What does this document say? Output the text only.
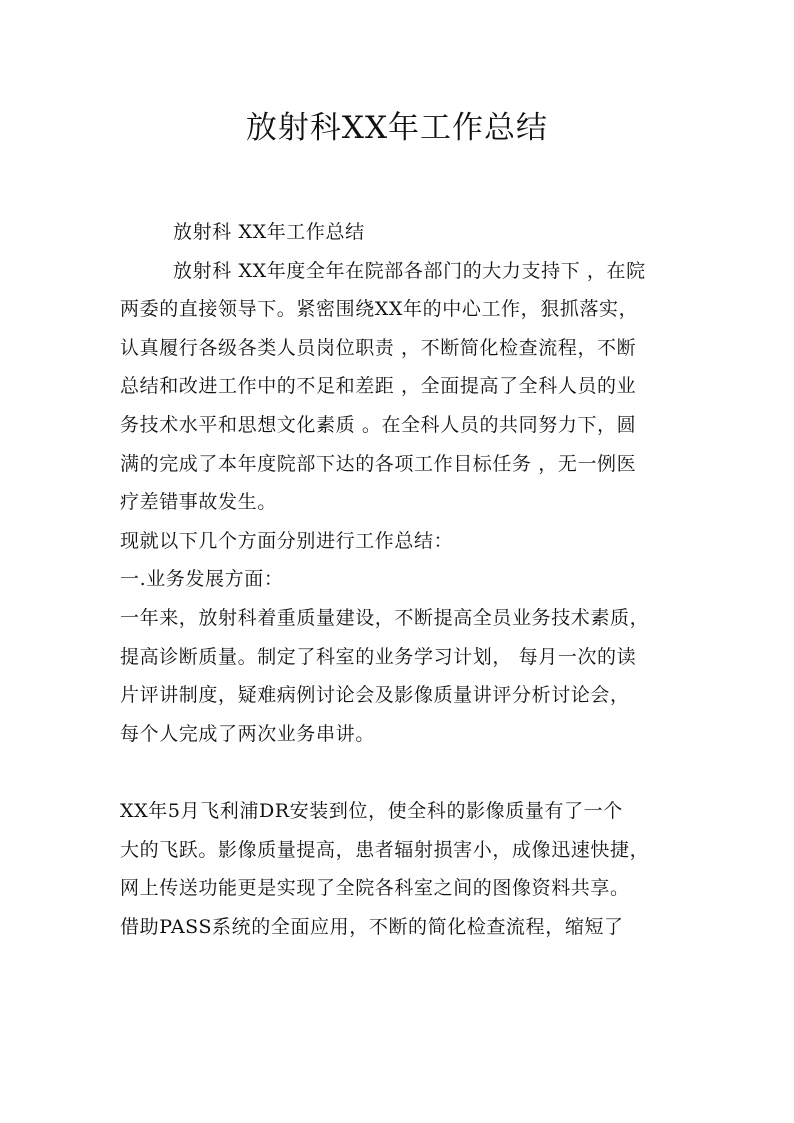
放射科XX年工作总结
放射科 XX年工作总结
放射科 XX年度全年在院部各部门的大力支持下 ，在院
两委的直接领导下。紧密围绕XX年的中心工作，狠抓落实，
认真履行各级各类人员岗位职责 ，不断简化检查流程，不断
总结和改进工作中的不足和差距 ，全面提高了全科人员的业
务技术水平和思想文化素质 。在全科人员的共同努力下，圆
满的完成了本年度院部下达的各项工作目标任务 ，无一例医
疗差错事故发生。
现就以下几个方面分别进行工作总结：
一.业务发展方面：
一年来，放射科着重质量建设，不断提高全员业务技术素质，
提高诊断质量。制定了科室的业务学习计划， 每月一次的读
片评讲制度，疑难病例讨论会及影像质量讲评分析讨论会，
每个人完成了两次业务串讲。
XX年5月飞利浦DR安装到位，使全科的影像质量有了一个
大的飞跃。影像质量提高，患者辐射损害小，成像迅速快捷，
网上传送功能更是实现了全院各科室之间的图像资料共享。
借助PASS系统的全面应用，不断的简化检查流程，缩短了
